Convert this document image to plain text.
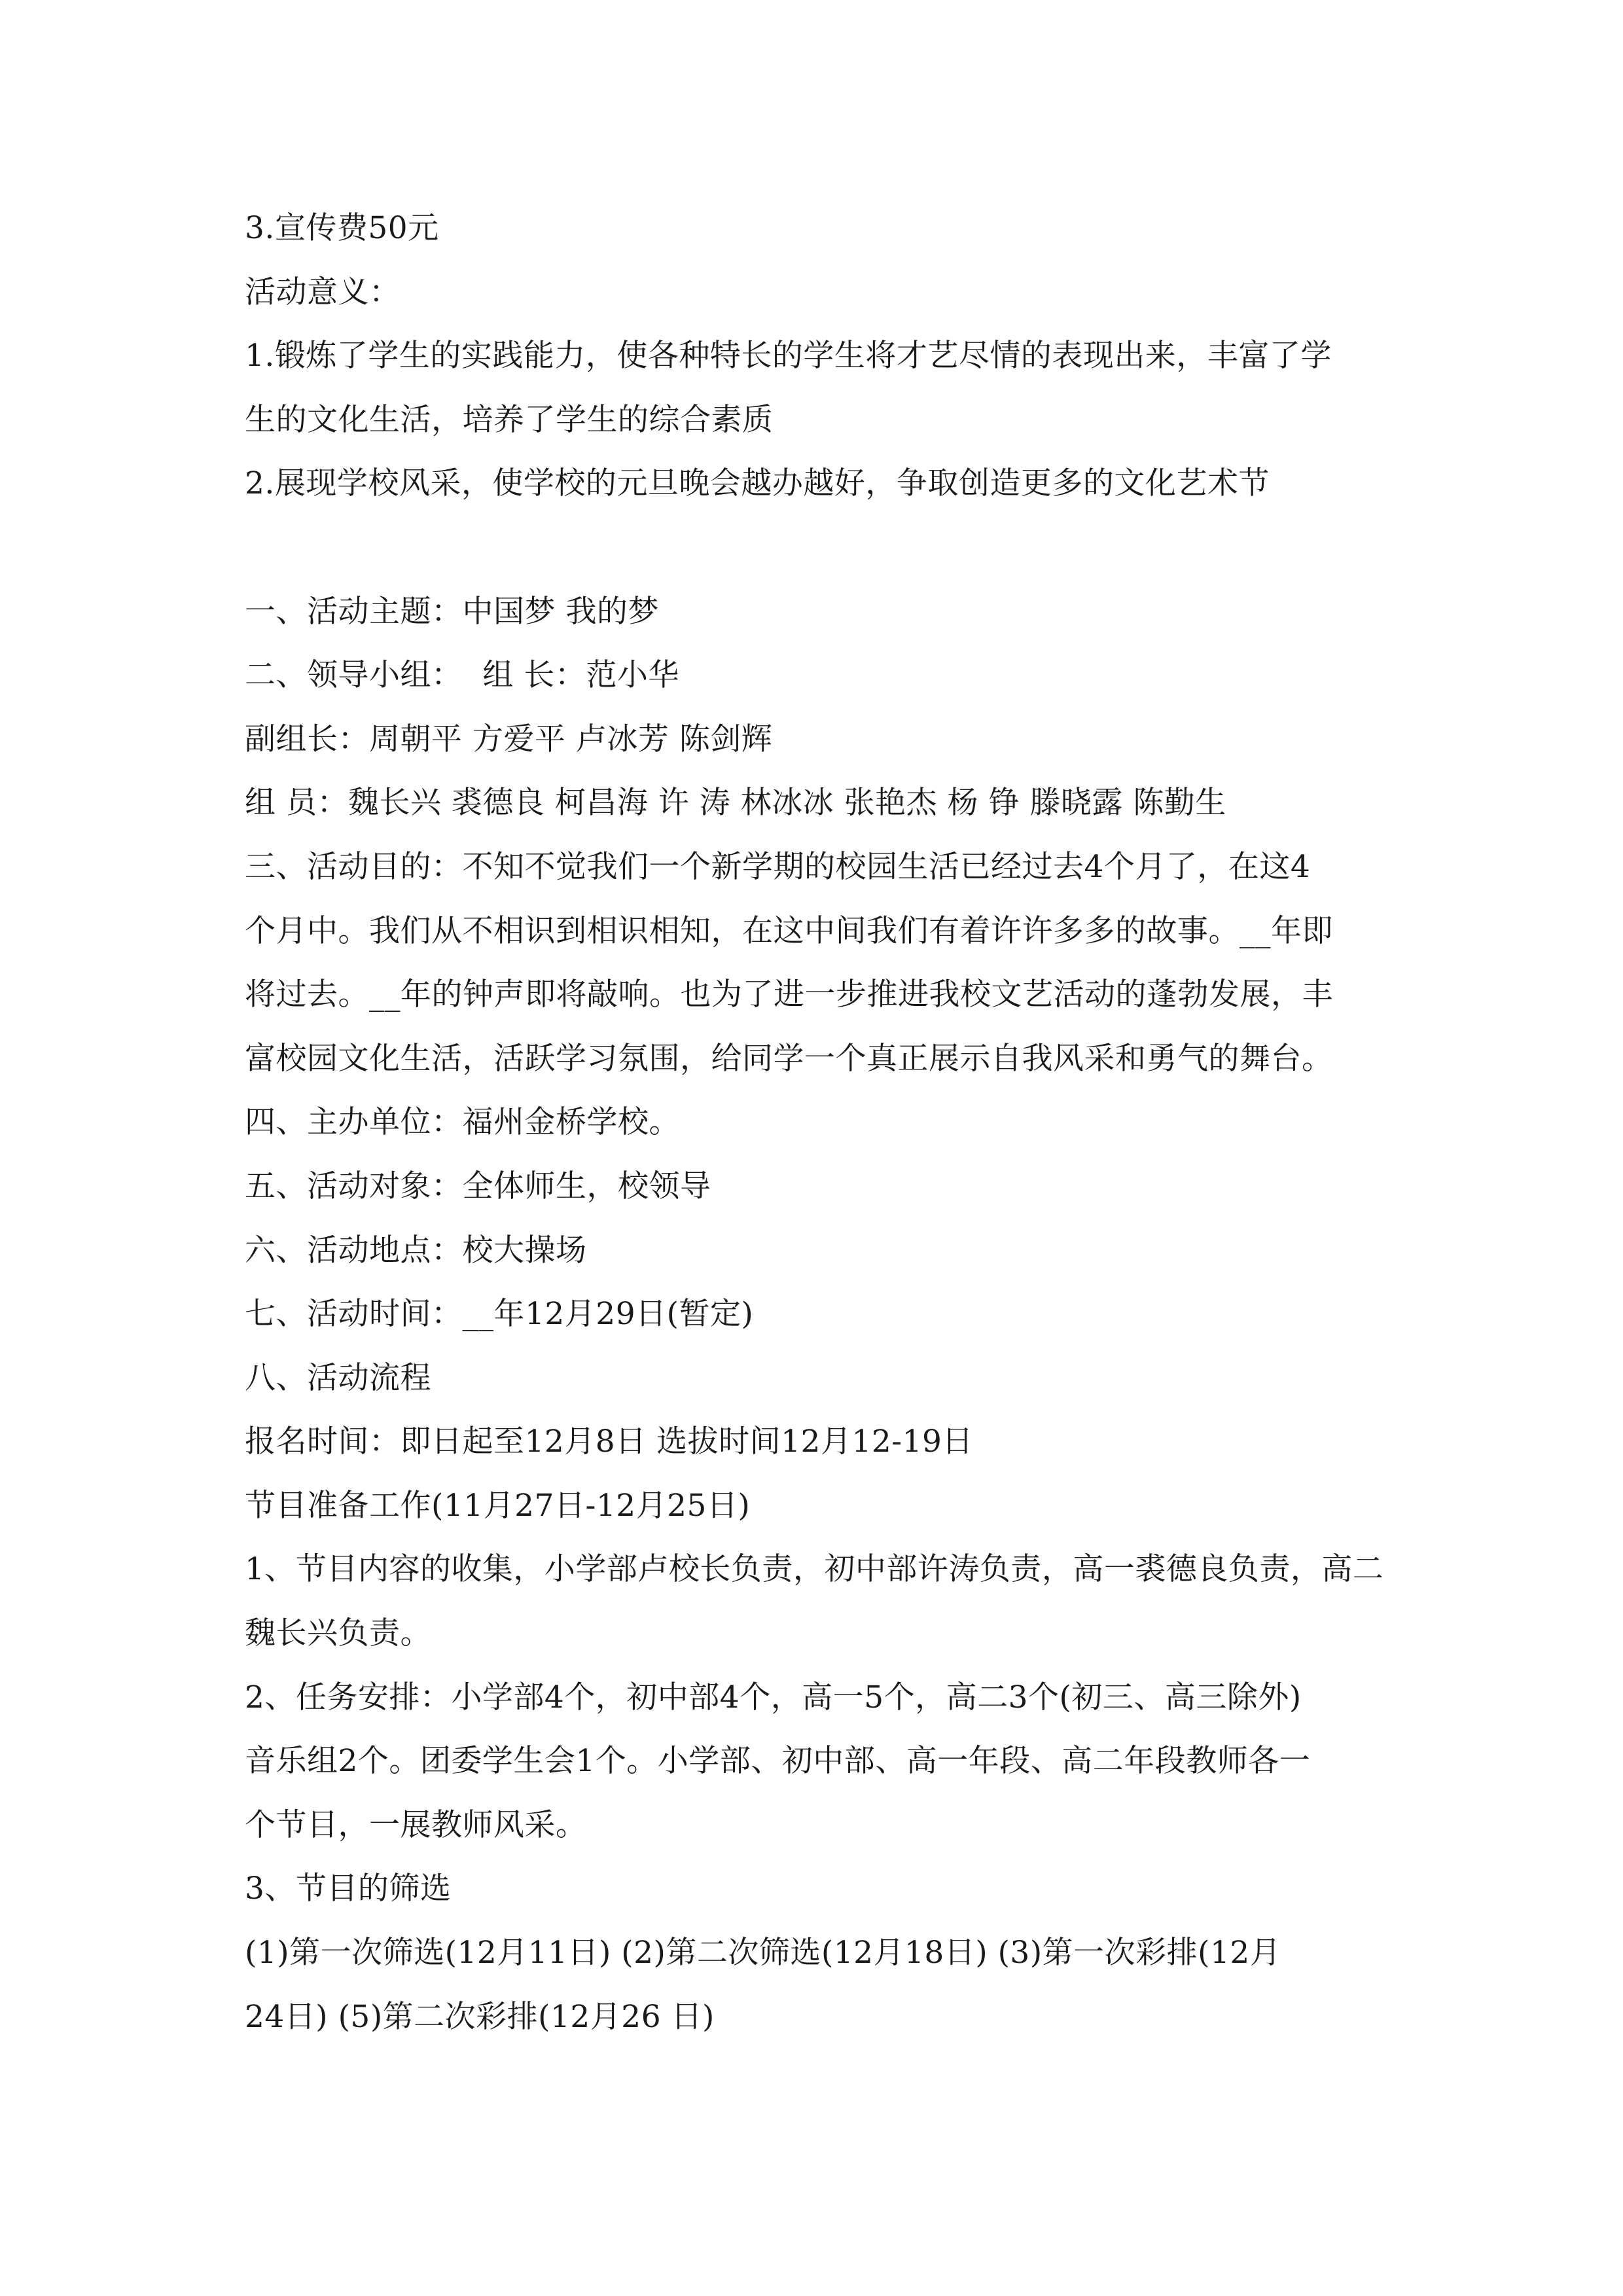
3.宣传费50元
活动意义：
1.锻炼了学生的实践能力，使各种特长的学生将才艺尽情的表现出来，丰富了学
生的文化生活，培养了学生的综合素质
2.展现学校风采，使学校的元旦晚会越办越好，争取创造更多的文化艺术节
一、活动主题：中国梦 我的梦
二、领导小组：  组 长：范小华
副组长：周朝平 方爱平 卢冰芳 陈剑辉
组 员：魏长兴 裘德良 柯昌海 许 涛 林冰冰 张艳杰 杨 铮 滕晓露 陈勤生
三、活动目的：不知不觉我们一个新学期的校园生活已经过去4个月了，在这4
个月中。我们从不相识到相识相知，在这中间我们有着许许多多的故事。__年即
将过去。__年的钟声即将敲响。也为了进一步推进我校文艺活动的蓬勃发展，丰
富校园文化生活，活跃学习氛围，给同学一个真正展示自我风采和勇气的舞台。
四、主办单位：福州金桥学校。
五、活动对象：全体师生，校领导
六、活动地点：校大操场
七、活动时间：__年12月29日(暂定)
八、活动流程
报名时间：即日起至12月8日 选拔时间12月12-19日
节目准备工作(11月27日-12月25日)
1、节目内容的收集，小学部卢校长负责，初中部许涛负责，高一裘德良负责，高二
魏长兴负责。
2、任务安排：小学部4个，初中部4个，高一5个，高二3个(初三、高三除外)
音乐组2个。团委学生会1个。小学部、初中部、高一年段、高二年段教师各一
个节目，一展教师风采。
3、节目的筛选
(1)第一次筛选(12月11日) (2)第二次筛选(12月18日) (3)第一次彩排(12月
24日) (5)第二次彩排(12月26 日)
